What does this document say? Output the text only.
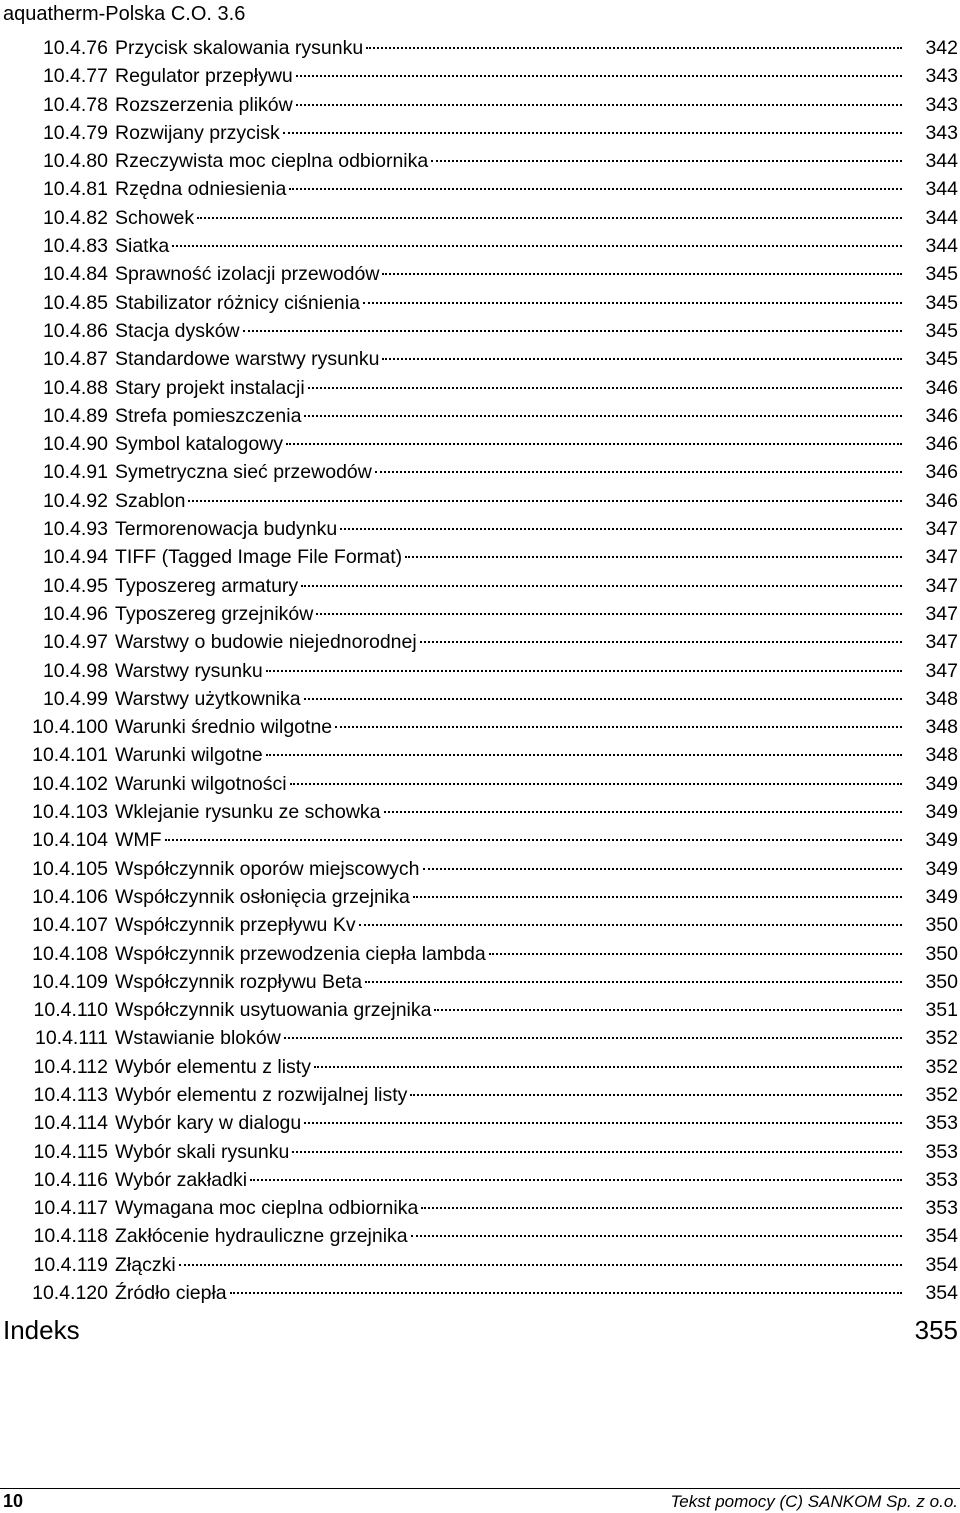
aquatherm-Polska C.O. 3.6
10.4.76 Przycisk skalowania rysunku	342
10.4.77 Regulator przepływu	343
10.4.78 Rozszerzenia plików	343
10.4.79 Rozwijany przycisk	343
10.4.80 Rzeczywista moc cieplna odbiornika	344
10.4.81 Rzędna odniesienia	344
10.4.82 Schowek	344
10.4.83 Siatka	344
10.4.84 Sprawność izolacji przewodów	345
10.4.85 Stabilizator różnicy ciśnienia	345
10.4.86 Stacja dysków	345
10.4.87 Standardowe warstwy rysunku	345
10.4.88 Stary projekt instalacji	346
10.4.89 Strefa pomieszczenia	346
10.4.90 Symbol katalogowy	346
10.4.91 Symetryczna sieć przewodów	346
10.4.92 Szablon	346
10.4.93 Termorenowacja budynku	347
10.4.94 TIFF (Tagged Image File Format)	347
10.4.95 Typoszereg armatury	347
10.4.96 Typoszereg grzejników	347
10.4.97 Warstwy o budowie niejednorodnej	347
10.4.98 Warstwy rysunku	347
10.4.99 Warstwy użytkownika	348
10.4.100 Warunki średnio wilgotne	348
10.4.101 Warunki wilgotne	348
10.4.102 Warunki wilgotności	349
10.4.103 Wklejanie rysunku ze schowka	349
10.4.104 WMF	349
10.4.105 Współczynnik oporów miejscowych	349
10.4.106 Współczynnik osłonięcia grzejnika	349
10.4.107 Współczynnik przepływu Kv	350
10.4.108 Współczynnik przewodzenia ciepła lambda	350
10.4.109 Współczynnik rozpływu Beta	350
10.4.110 Współczynnik usytuowania grzejnika	351
10.4.111 Wstawianie bloków	352
10.4.112 Wybór elementu z listy	352
10.4.113 Wybór elementu z rozwijalnej listy	352
10.4.114 Wybór kary w dialogu	353
10.4.115 Wybór skali rysunku	353
10.4.116 Wybór zakładki	353
10.4.117 Wymagana moc cieplna odbiornika	353
10.4.118 Zakłócenie hydrauliczne grzejnika	354
10.4.119 Złączki	354
10.4.120 Źródło ciepła	354
Indeks	355
10	Tekst pomocy (C) SANKOM Sp. z o.o.
